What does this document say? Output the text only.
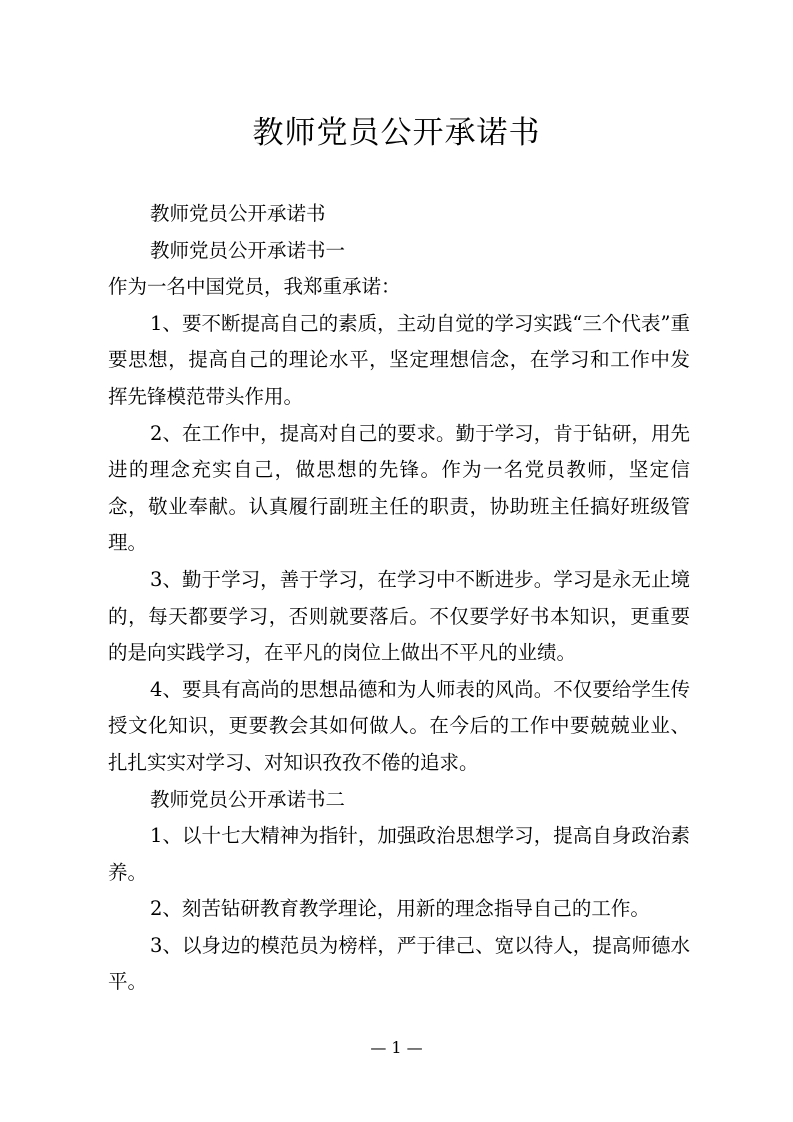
教师党员公开承诺书

教师党员公开承诺书

教师党员公开承诺书一

作为一名中国党员，我郑重承诺：

1、要不断提高自己的素质，主动自觉的学习实践“三个代表”重要思想，提高自己的理论水平，坚定理想信念，在学习和工作中发挥先锋模范带头作用。

2、在工作中，提高对自己的要求。勤于学习，肯于钻研，用先进的理念充实自己，做思想的先锋。作为一名党员教师，坚定信念，敬业奉献。认真履行副班主任的职责，协助班主任搞好班级管理。

3、勤于学习，善于学习，在学习中不断进步。学习是永无止境的，每天都要学习，否则就要落后。不仅要学好书本知识，更重要的是向实践学习，在平凡的岗位上做出不平凡的业绩。

4、要具有高尚的思想品德和为人师表的风尚。不仅要给学生传授文化知识，更要教会其如何做人。在今后的工作中要兢兢业业、扎扎实实对学习、对知识孜孜不倦的追求。

教师党员公开承诺书二

1、以十七大精神为指针，加强政治思想学习，提高自身政治素养。

2、刻苦钻研教育教学理论，用新的理念指导自己的工作。

3、以身边的模范员为榜样，严于律己、宽以待人，提高师德水平。

— 1 —
